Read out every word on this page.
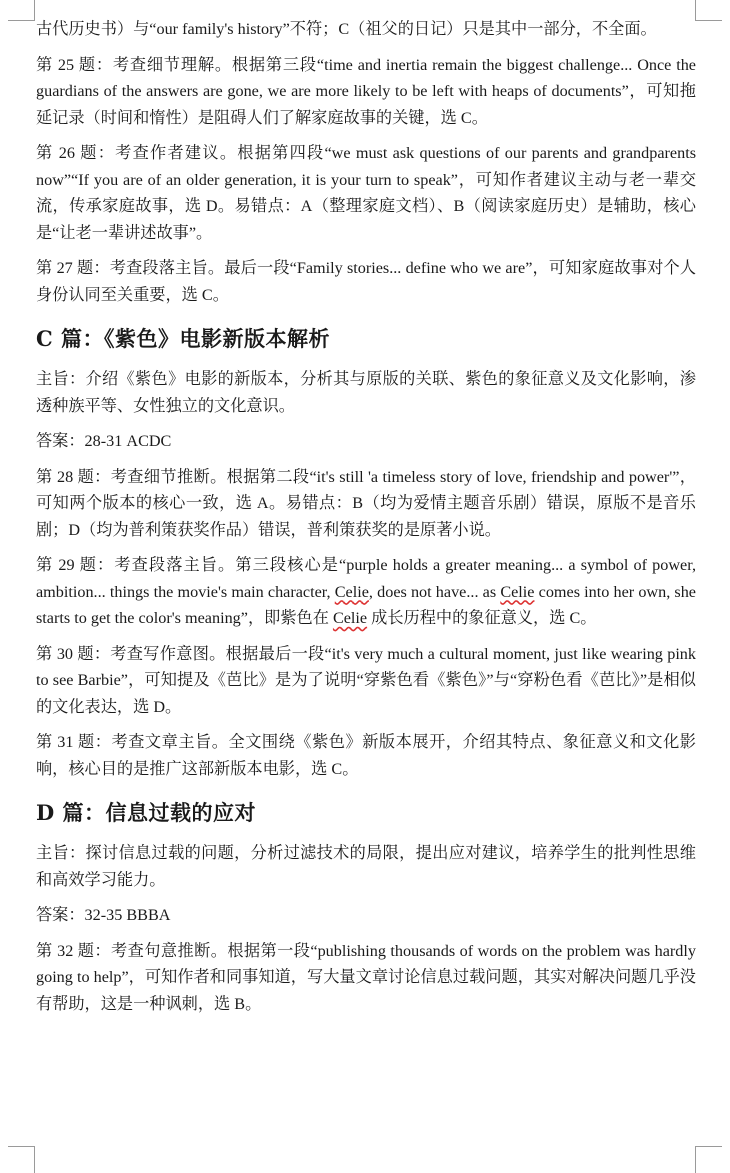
古代历史书）与“our family's history”不符；C（祖父的日记）只是其中一部分，不全面。

第 25 题：考查细节理解。根据第三段“time and inertia remain the biggest challenge... Once the guardians of the answers are gone, we are more likely to be left with heaps of documents”，可知拖延记录（时间和惰性）是阻碍人们了解家庭故事的关键，选 C。

第 26 题：考查作者建议。根据第四段“we must ask questions of our parents and grandparents now”“If you are of an older generation, it is your turn to speak”，可知作者建议主动与老一辈交流，传承家庭故事，选 D。易错点：A（整理家庭文档）、B（阅读家庭历史）是辅助，核心是“让老一辈讲述故事”。

第 27 题：考查段落主旨。最后一段“Family stories... define who we are”，可知家庭故事对个人身份认同至关重要，选 C。

C 篇：《紫色》电影新版本解析

主旨：介绍《紫色》电影的新版本，分析其与原版的关联、紫色的象征意义及文化影响，渗透种族平等、女性独立的文化意识。

答案：28-31 ACDC

第 28 题：考查细节推断。根据第二段“it's still 'a timeless story of love, friendship and power'”，可知两个版本的核心一致，选 A。易错点：B（均为爱情主题音乐剧）错误，原版不是音乐剧；D（均为普利策获奖作品）错误，普利策获奖的是原著小说。

第 29 题：考查段落主旨。第三段核心是“purple holds a greater meaning... a symbol of power, ambition... things the movie's main character, Celie, does not have... as Celie comes into her own, she starts to get the color's meaning”，即紫色在 Celie 成长历程中的象征意义，选 C。

第 30 题：考查写作意图。根据最后一段“it's very much a cultural moment, just like wearing pink to see Barbie”，可知提及《芭比》是为了说明“穿紫色看《紫色》”与“穿粉色看《芭比》”是相似的文化表达，选 D。

第 31 题：考查文章主旨。全文围绕《紫色》新版本展开，介绍其特点、象征意义和文化影响，核心目的是推广这部新版本电影，选 C。

D 篇：信息过载的应对

主旨：探讨信息过载的问题，分析过滤技术的局限，提出应对建议，培养学生的批判性思维和高效学习能力。

答案：32-35 BBBA

第 32 题：考查句意推断。根据第一段“publishing thousands of words on the problem was hardly going to help”，可知作者和同事知道，写大量文章讨论信息过载问题，其实对解决问题几乎没有帮助，这是一种讽刺，选 B。
